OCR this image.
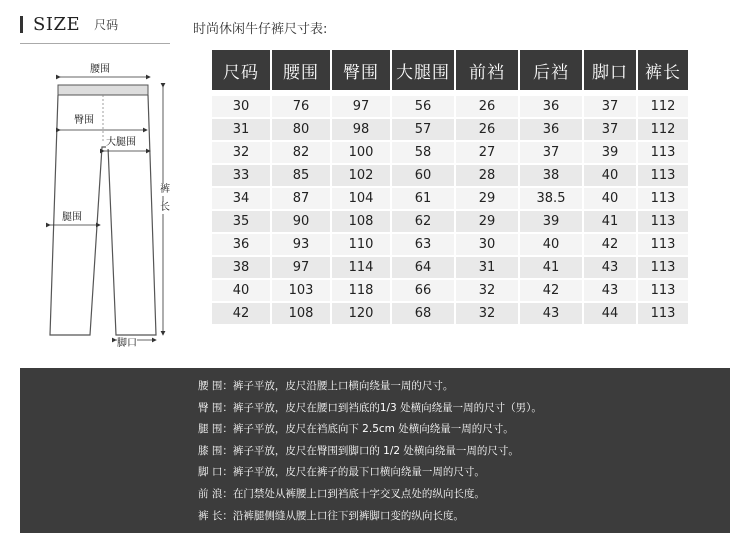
SIZE 尺码	时尚休闲牛仔裤尺寸表:
腰围
臀围
大腿围
腿围
裤
长
脚口
尺码	腰围	臀围	大腿围	前裆	后裆	脚口	裤长
30	76	97	56	26	36	37	112
31	80	98	57	26	36	37	112
32	82	100	58	27	37	39	113
33	85	102	60	28	38	40	113
34	87	104	61	29	38.5	40	113
35	90	108	62	29	39	41	113
36	93	110	63	30	40	42	113
38	97	114	64	31	41	43	113
40	103	118	66	32	42	43	113
42	108	120	68	32	43	44	113
腰 围：裤子平放，皮尺沿腰上口横向绕量一周的尺寸。
臀 围：裤子平放，皮尺在腰口到裆底的1/3 处横向绕量一周的尺寸（男）。
腿 围：裤子平放，皮尺在裆底向下 2.5cm 处横向绕量一周的尺寸。
膝 围：裤子平放，皮尺在臀围到脚口的 1/2 处横向绕量一周的尺寸。
脚 口：裤子平放，皮尺在裤子的最下口横向绕量一周的尺寸。
前 浪：在门禁处从裤腰上口到裆底十字交叉点处的纵向长度。
裤 长：沿裤腿侧缝从腰上口往下到裤脚口变的纵向长度。
